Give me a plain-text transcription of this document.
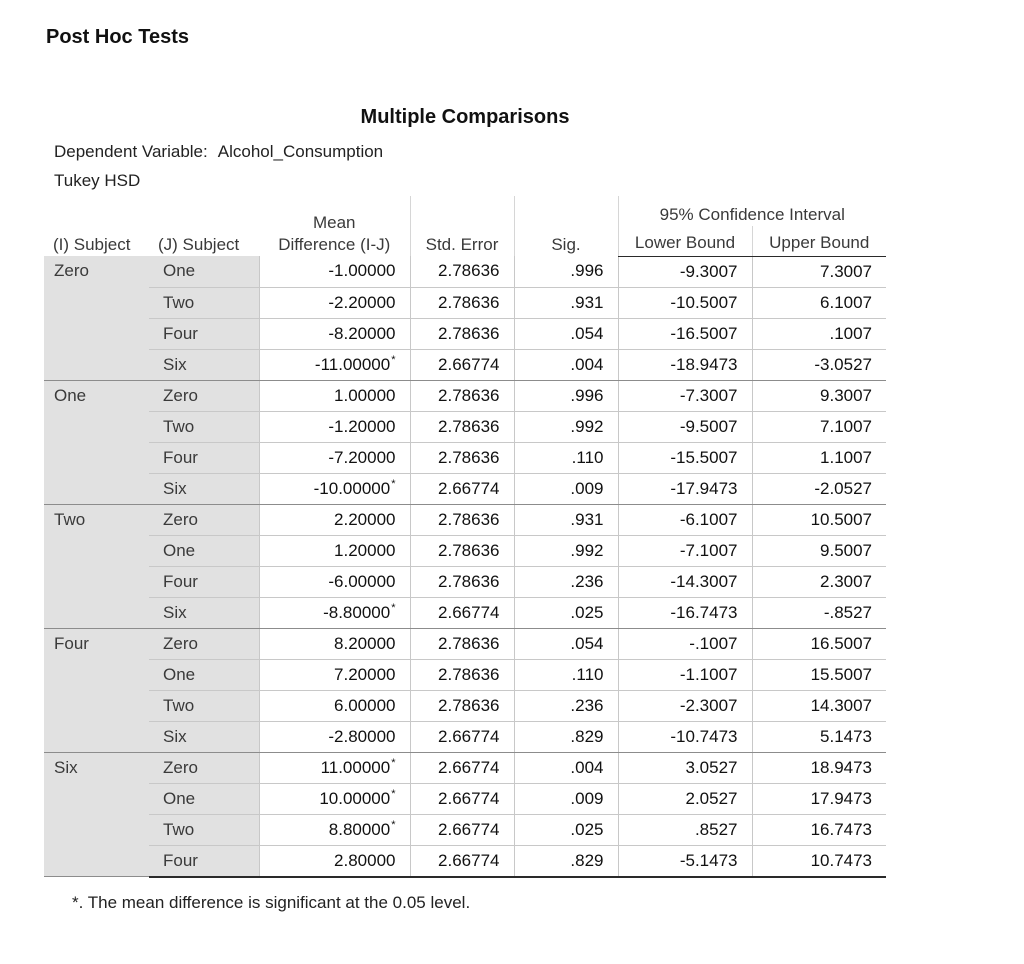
Post Hoc Tests
Multiple Comparisons
Dependent Variable: Alcohol_Consumption
Tukey HSD
(I) Subject	(J) Subject	Mean
Difference (I-J)	Std. Error	Sig.	95% Confidence Interval	
					Lower Bound	Upper Bound
Zero	One	-1.00000	2.78636	.996	-9.3007	7.3007
	Two	-2.20000	2.78636	.931	-10.5007	6.1007
	Four	-8.20000	2.78636	.054	-16.5007	.1007
	Six	-11.00000*	2.66774	.004	-18.9473	-3.0527
One	Zero	1.00000	2.78636	.996	-7.3007	9.3007
	Two	-1.20000	2.78636	.992	-9.5007	7.1007
	Four	-7.20000	2.78636	.110	-15.5007	1.1007
	Six	-10.00000*	2.66774	.009	-17.9473	-2.0527
Two	Zero	2.20000	2.78636	.931	-6.1007	10.5007
	One	1.20000	2.78636	.992	-7.1007	9.5007
	Four	-6.00000	2.78636	.236	-14.3007	2.3007
	Six	-8.80000*	2.66774	.025	-16.7473	-.8527
Four	Zero	8.20000	2.78636	.054	-.1007	16.5007
	One	7.20000	2.78636	.110	-1.1007	15.5007
	Two	6.00000	2.78636	.236	-2.3007	14.3007
	Six	-2.80000	2.66774	.829	-10.7473	5.1473
Six	Zero	11.00000*	2.66774	.004	3.0527	18.9473
	One	10.00000*	2.66774	.009	2.0527	17.9473
	Two	8.80000*	2.66774	.025	.8527	16.7473
	Four	2.80000	2.66774	.829	-5.1473	10.7473
*. The mean difference is significant at the 0.05 level.
